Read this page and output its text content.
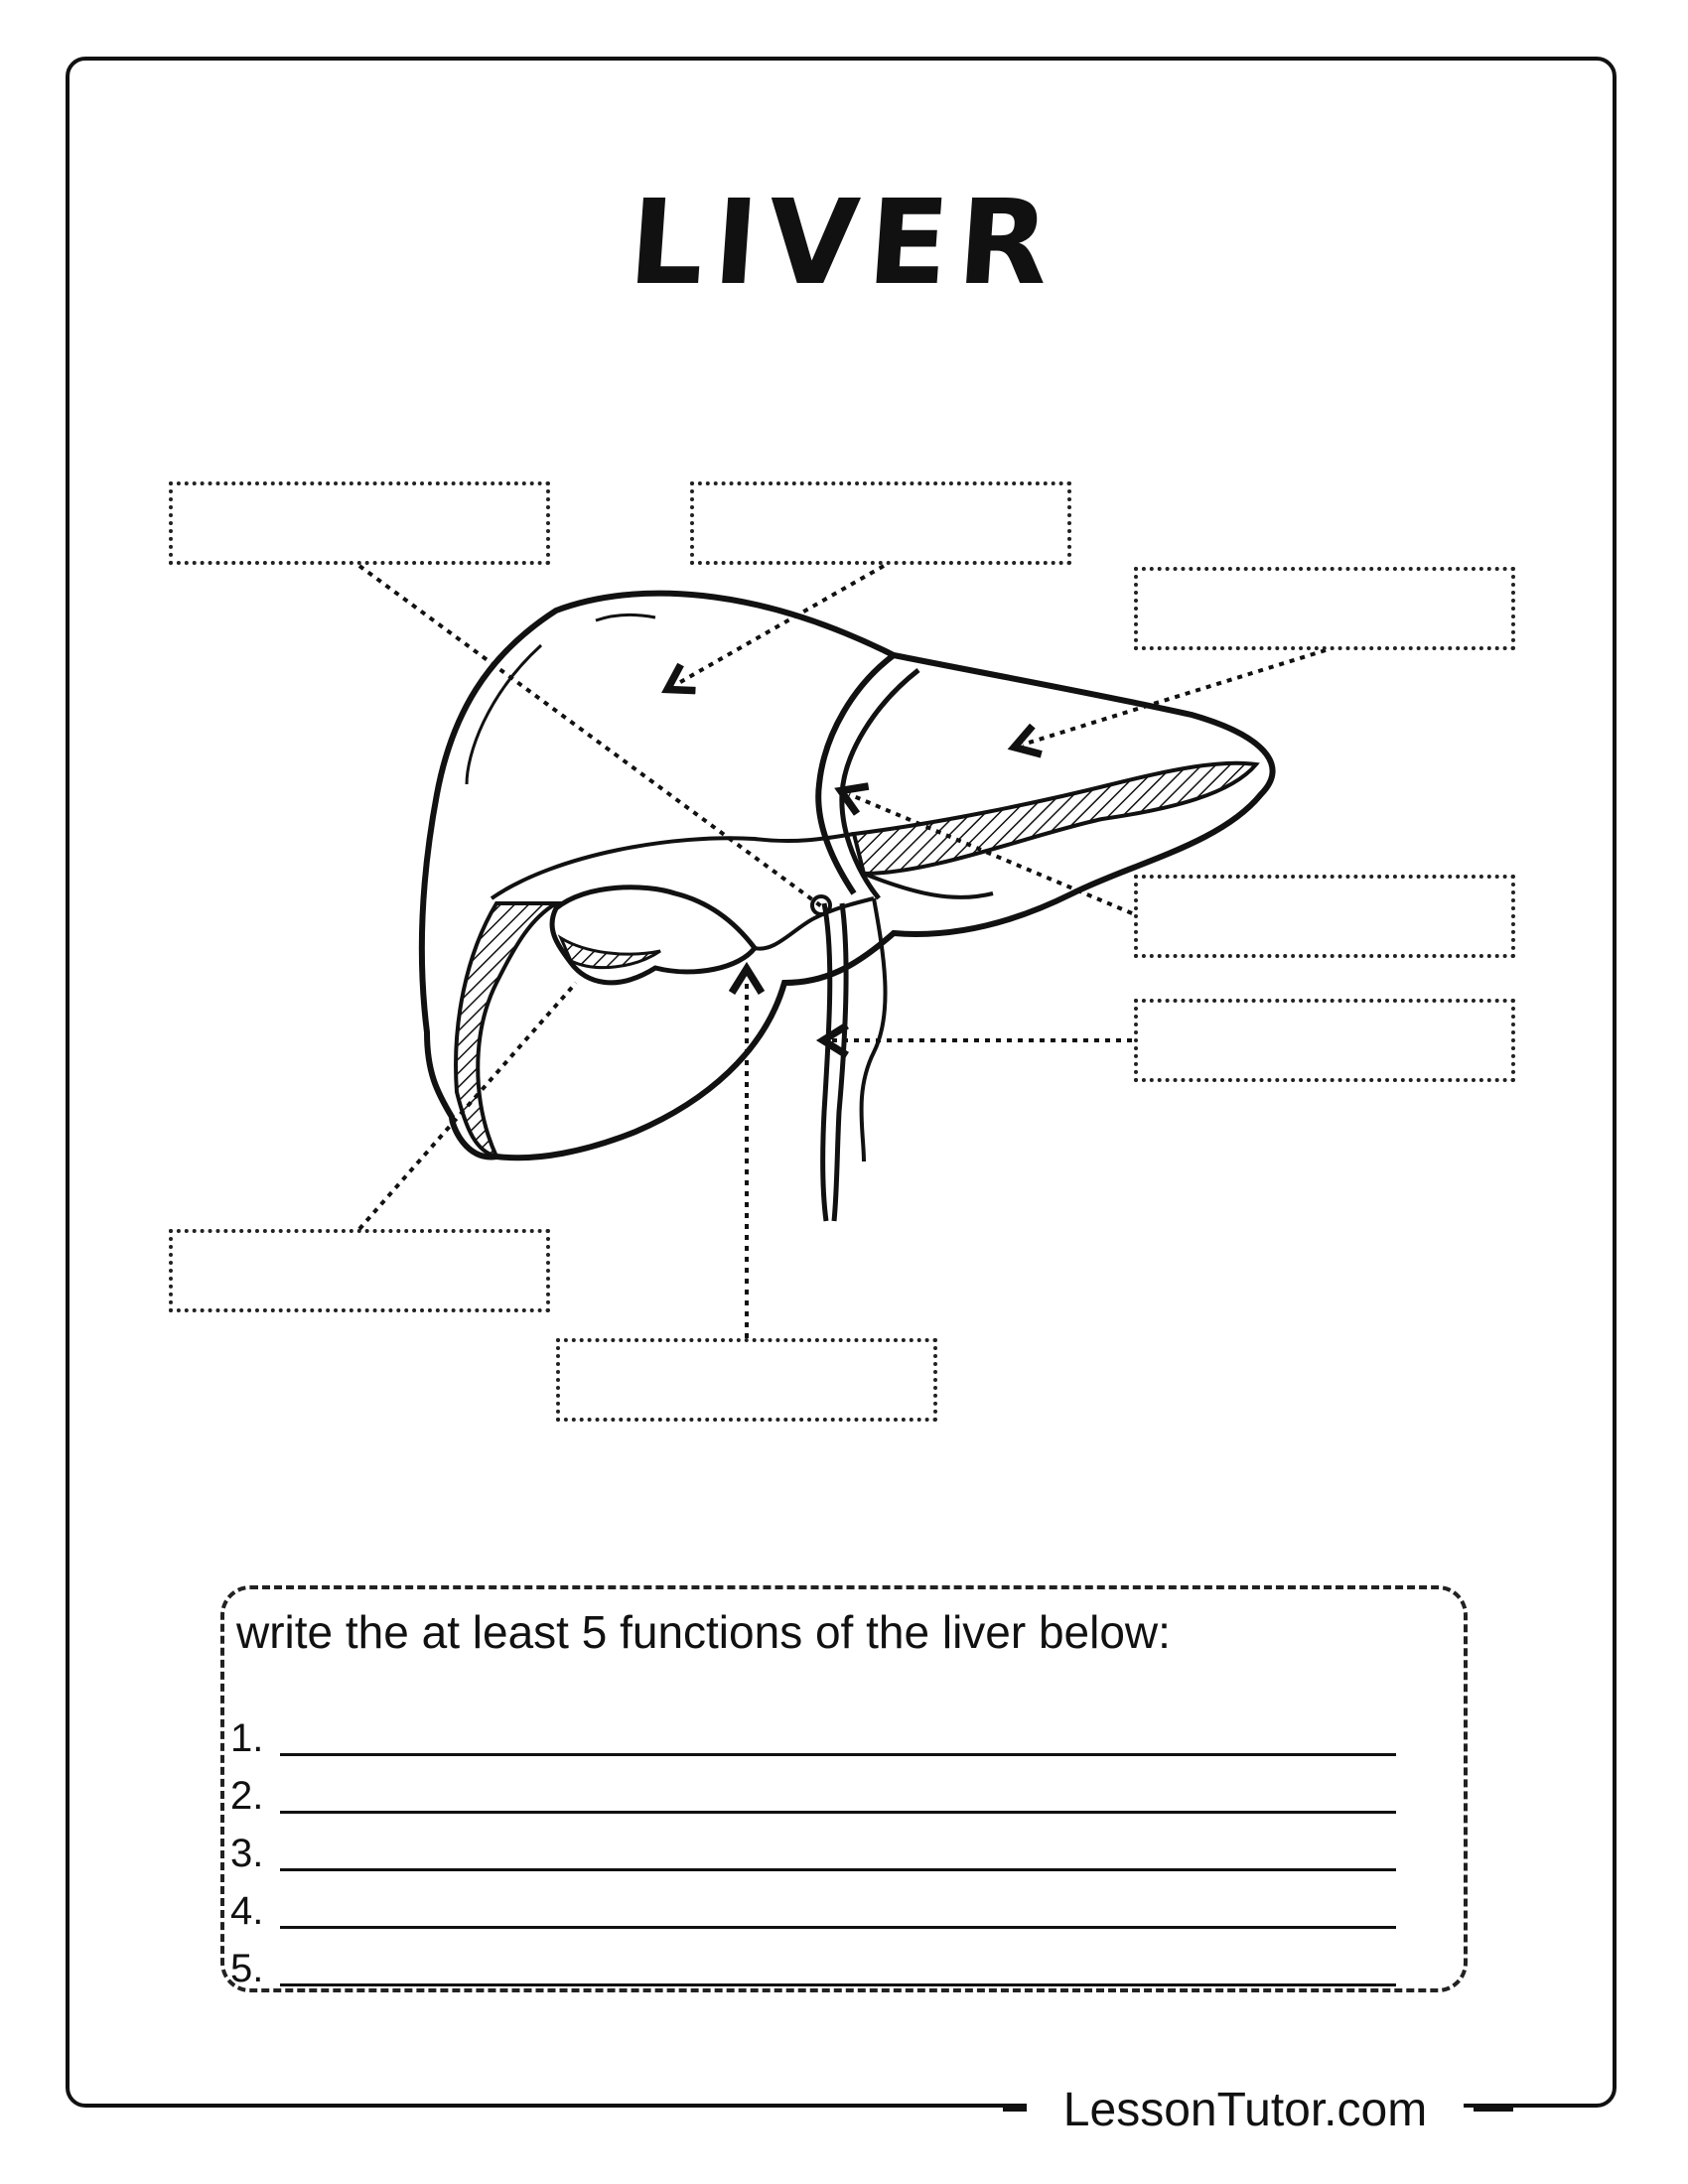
LIVER
write the at least 5 functions of the liver below:
1.
2.
3.
4.
5.
LessonTutor.com
